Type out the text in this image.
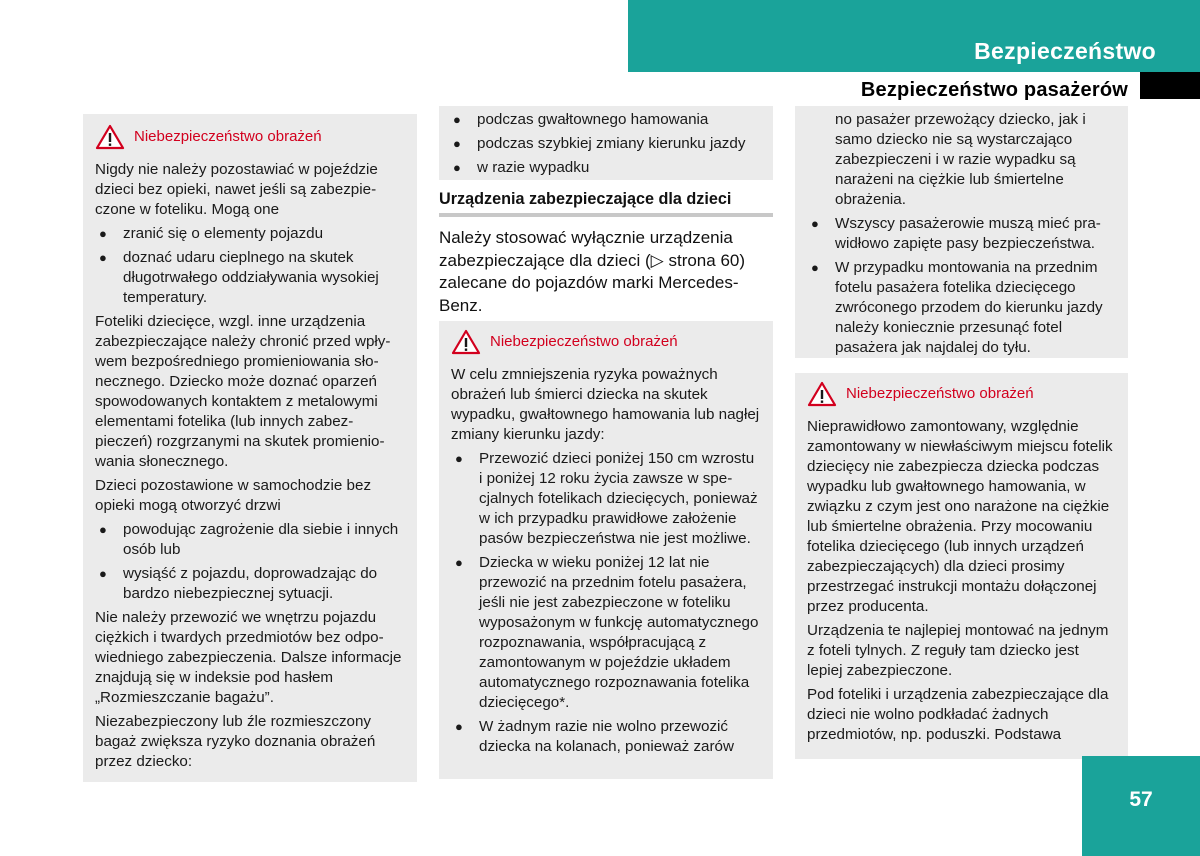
Bezpieczeństwo
Bezpieczeństwo pasażerów
Niebezpieczeństwo obrażeń

Nigdy nie należy pozostawiać w pojeździe dzieci bez opieki, nawet jeśli są zabezpieczone w foteliku. Mogą one

● zranić się o elementy pojazdu
● doznać udaru cieplnego na skutek długotrwałego oddziaływania wysokiej temperatury.

Foteliki dziecięce, wzgl. inne urządzenia zabezpieczające należy chronić przed wpływem bezpośredniego promieniowania słonecznego. Dziecko może doznać oparzeń spowodowanych kontaktem z metalowymi elementami fotelika (lub innych zabezpieczeń) rozgrzanymi na skutek promieniowania słonecznego.

Dzieci pozostawione w samochodzie bez opieki mogą otworzyć drzwi

● powodując zagrożenie dla siebie i innych osób lub
● wysiąść z pojazdu, doprowadzając do bardzo niebezpiecznej sytuacji.

Nie należy przewozić we wnętrzu pojazdu ciężkich i twardych przedmiotów bez odpowiedniego zabezpieczenia. Dalsze informacje znajdują się w indeksie pod hasłem „Rozmieszczanie bagażu”.

Niezabezpieczony lub źle rozmieszczony bagaż zwiększa ryzyko doznania obrażeń przez dziecko:

● podczas gwałtownego hamowania
● podczas szybkiej zmiany kierunku jazdy
● w razie wypadku
Urządzenia zabezpieczające dla dzieci
Należy stosować wyłącznie urządzenia zabezpieczające dla dzieci (▷ strona 60) zalecane do pojazdów marki Mercedes-Benz.
Niebezpieczeństwo obrażeń

W celu zmniejszenia ryzyka poważnych obrażeń lub śmierci dziecka na skutek wypadku, gwałtownego hamowania lub nagłej zmiany kierunku jazdy:

● Przewozić dzieci poniżej 150 cm wzrostu i poniżej 12 roku życia zawsze w specjalnych fotelikach dziecięcych, ponieważ w ich przypadku prawidłowe założenie pasów bezpieczeństwa nie jest możliwe.
● Dziecka w wieku poniżej 12 lat nie przewozić na przednim fotelu pasażera, jeśli nie jest zabezpieczone w foteliku wyposażonym w funkcję automatycznego rozpoznawania, współpracującą z zamontowanym w pojeździe układem automatycznego rozpoznawania fotelika dziecięcego*.
● W żadnym razie nie wolno przewozić dziecka na kolanach, ponieważ zarów

no pasażer przewożący dziecko, jak i samo dziecko nie są wystarczająco zabezpieczeni i w razie wypadku są narażeni na ciężkie lub śmiertelne obrażenia.

● Wszyscy pasażerowie muszą mieć prawidłowo zapięte pasy bezpieczeństwa.
● W przypadku montowania na przednim fotelu pasażera fotelika dziecięcego zwróconego przodem do kierunku jazdy należy koniecznie przesunąć fotel pasażera jak najdalej do tyłu.
Niebezpieczeństwo obrażeń

Nieprawidłowo zamontowany, względnie zamontowany w niewłaściwym miejscu fotelik dziecięcy nie zabezpiecza dziecka podczas wypadku lub gwałtownego hamowania, w związku z czym jest ono narażone na ciężkie lub śmiertelne obrażenia. Przy mocowaniu fotelika dziecięcego (lub innych urządzeń zabezpieczających) dla dzieci prosimy przestrzegać instrukcji montażu dołączonej przez producenta.

Urządzenia te najlepiej montować na jednym z foteli tylnych. Z reguły tam dziecko jest lepiej zabezpieczone.

Pod foteliki i urządzenia zabezpieczające dla dzieci nie wolno podkładać żadnych przedmiotów, np. poduszki. Podstawa

57
